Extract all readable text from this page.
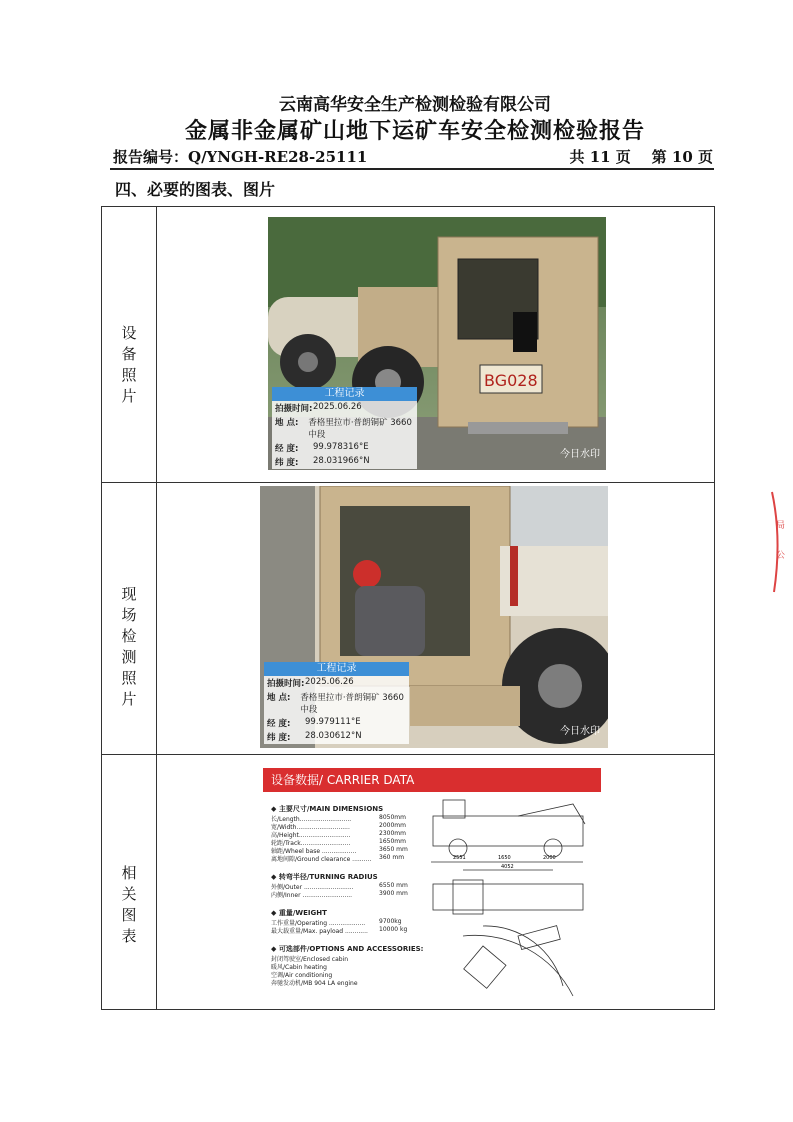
云南高华安全生产检测检验有限公司
金属非金属矿山地下运矿车安全检测检验报告
报告编号：Q/YNGH-RE28-25111	共 11 页    第 10 页
四、必要的图表、图片
设备照片
现场检测照片
相关图表
BG028
工程记录
拍摄时间: 2025.06.26
地 点:	香格里拉市·普朗铜矿 3660中段
经 度:	99.978316°E
纬 度:	28.031966°N
今日水印
工程记录
拍摄时间: 2025.06.26
地 点:	香格里拉市·普朗铜矿 3660中段
经 度:	99.979111°E
纬 度:	28.030612°N	今日水印
设备数据/ CARRIER DATA
◆ 主要尺寸/MAIN DIMENSIONS
长/Length...........................	8050mm
宽/Width............................	2000mm
高/Height...........................	2300mm
轮距/Track..........................	1650mm
轴距/Wheel base ..................	3650 mm
离地间隙/Ground clearance ..........	360 mm
◆ 转弯半径/TURNING RADIUS
外侧/Outer ..........................	6550 mm
内侧/Inner ..........................	3900 mm
◆ 重量/WEIGHT
工作重量/Operating ...................	9700kg
最大载重量/Max. payload ............	10000 kg
◆ 可选部件/OPTIONS AND ACCESSORIES:
封闭驾驶室/Enclosed cabin
暖风/Cabin heating
空调/Air conditioning
奔驰发动机/MB 904 LA engine
2551	1650	2000
4052
局
公
